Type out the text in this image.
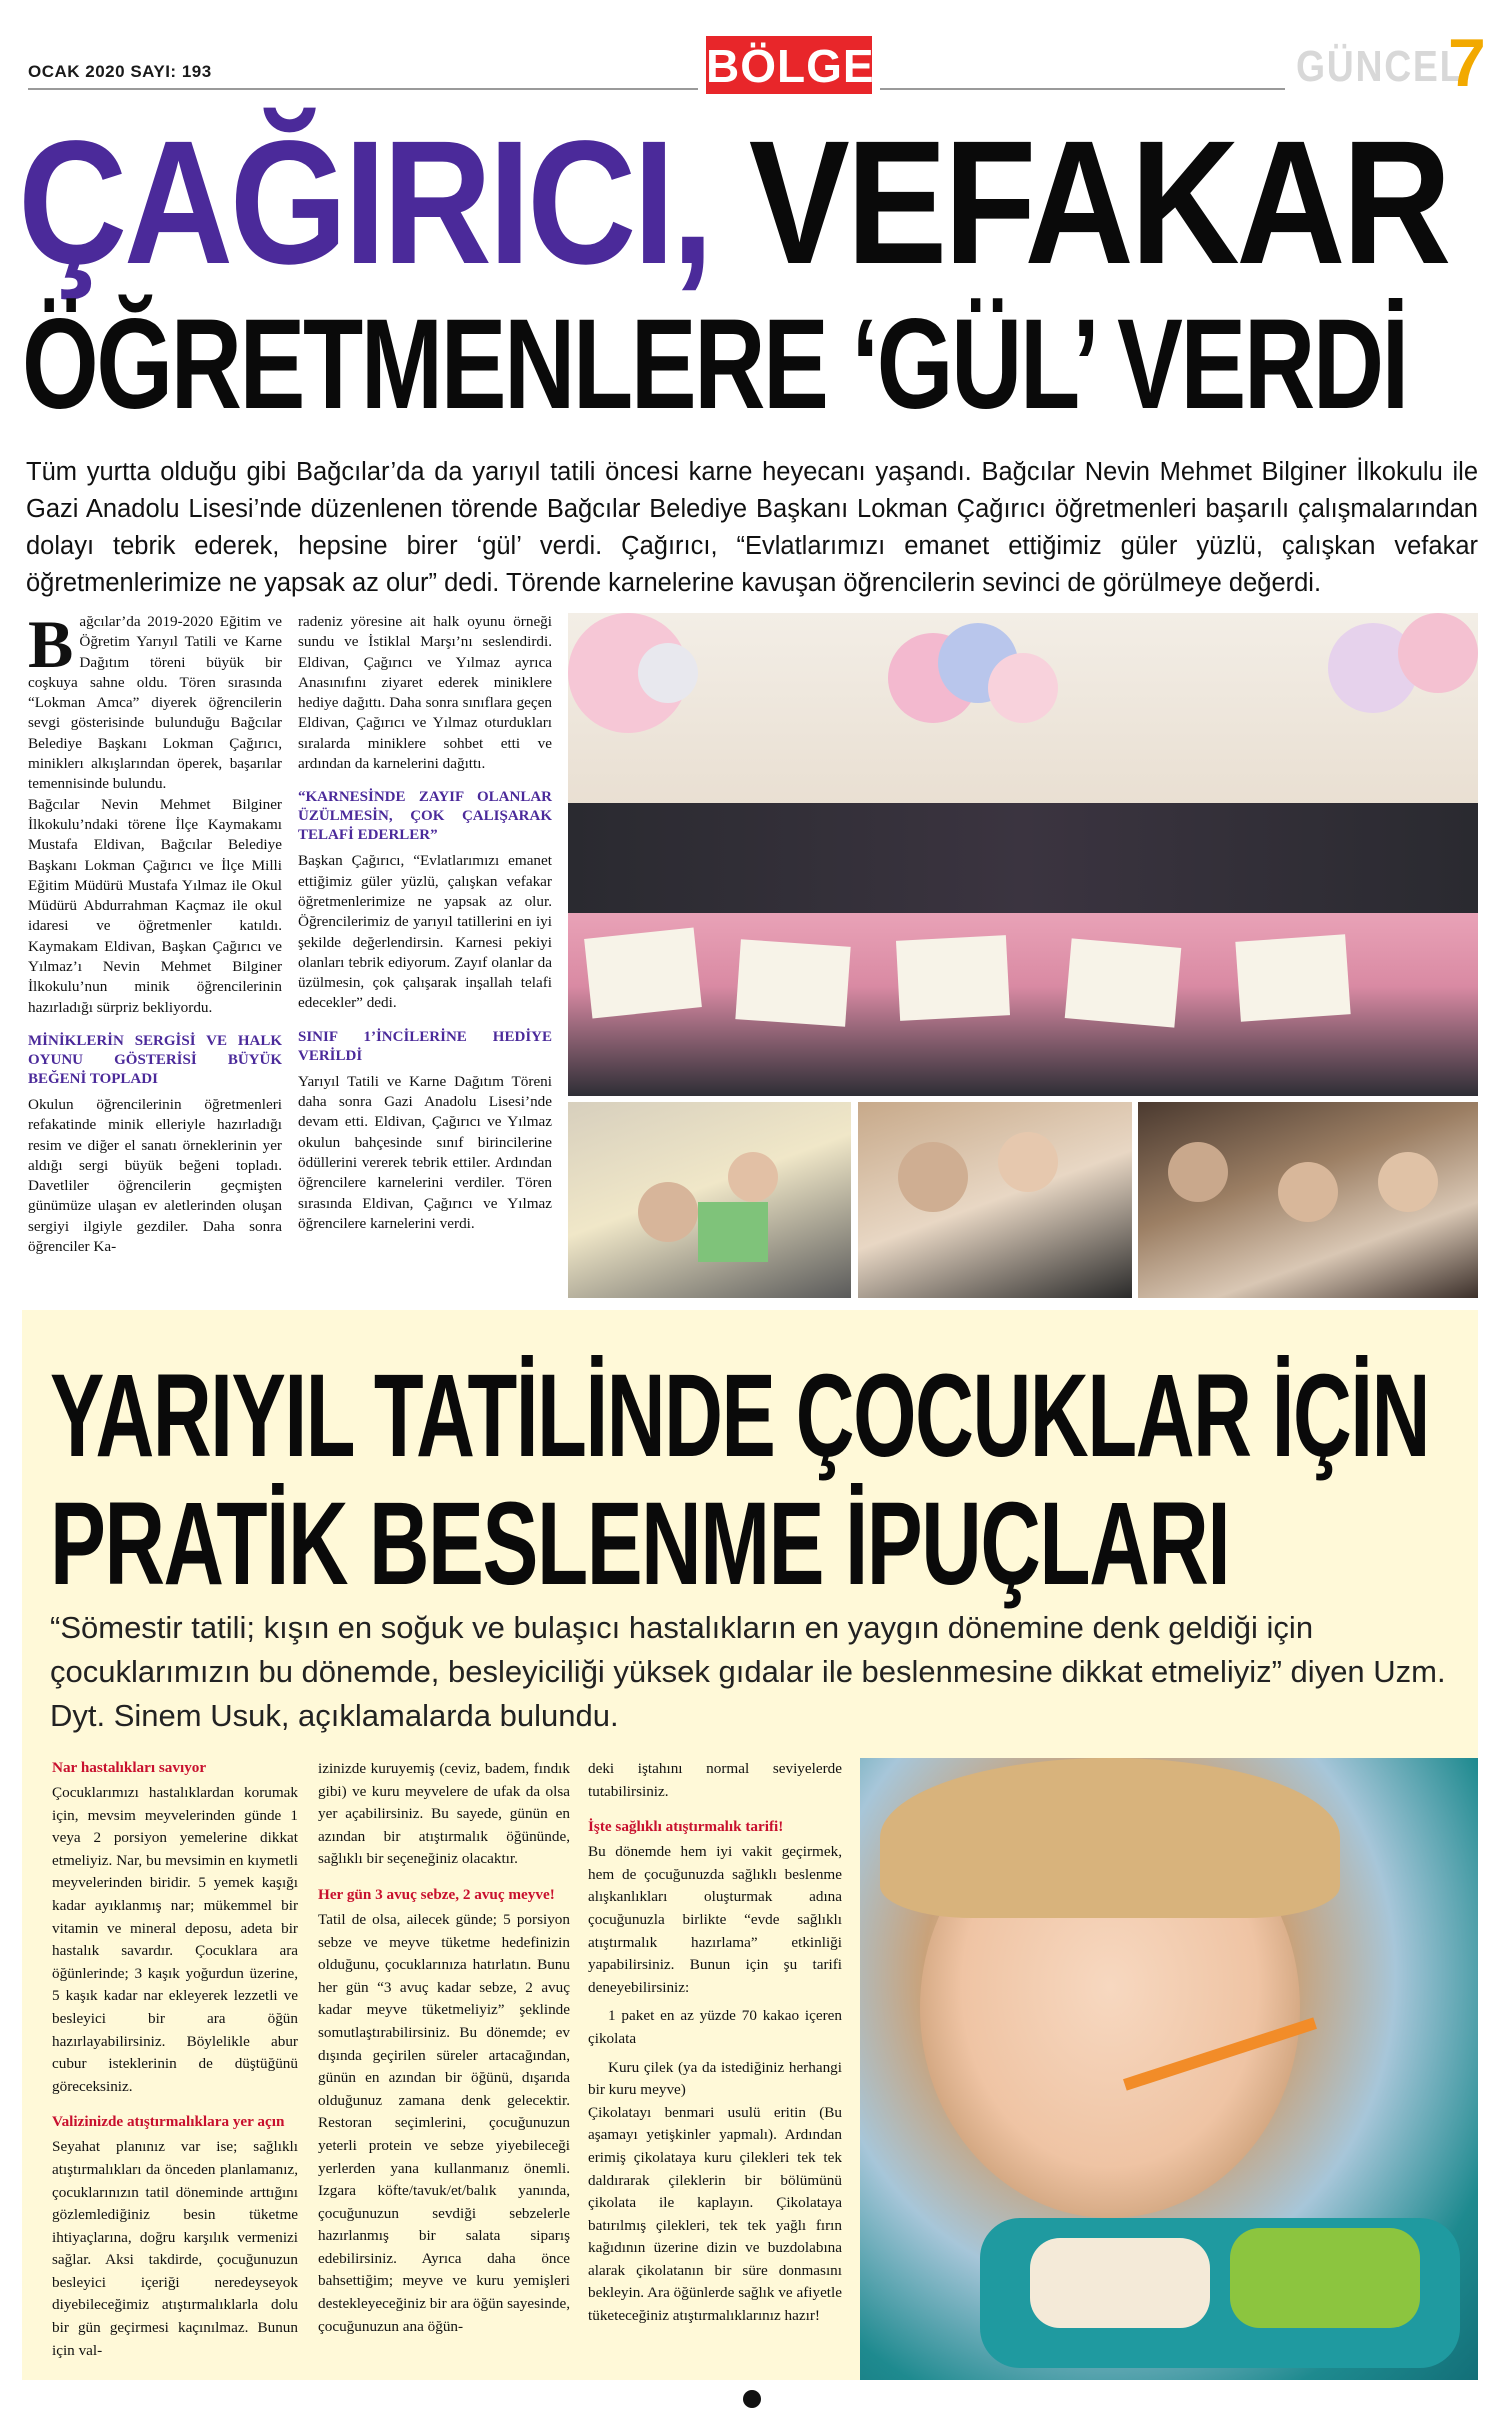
OCAK 2020 SAYI: 193	BÖLGE	GÜNCEL
7
ÇAĞIRICI, VEFAKAR
ÖĞRETMENLERE ‘GÜL’ VERDİ
Tüm yurtta olduğu gibi Bağcılar’da da yarıyıl tatili öncesi karne heyecanı yaşandı. Bağcılar Nevin Mehmet Bilginer İlkokulu ile Gazi Anadolu Lisesi’nde düzenlenen törende Bağcılar Belediye Başkanı Lokman Çağırıcı öğretmenleri başarılı çalışmalarından dolayı tebrik ederek, hepsine birer ‘gül’ verdi. Çağırıcı, “Evlatlarımızı emanet ettiğimiz güler yüzlü, çalışkan vefakar öğretmenlerimize ne yapsak az olur” dedi. Törende karnelerine kavuşan öğrencilerin sevinci de görülmeye değerdi.

Bağcılar’da 2019-2020 Eğitim ve Öğretim Yarıyıl Tatili ve Karne Dağıtım töreni büyük bir coşkuya sahne oldu. Tören sırasında “Lokman Amca” diyerek öğrencilerin sevgi gösterisinde bulunduğu Bağcılar Belediye Başkanı Lokman Çağırıcı, miniklerı alkışlarından öperek, başarılar temennisinde bulundu.

Bağcılar Nevin Mehmet Bilginer İlkokulu’ndaki törene İlçe Kaymakamı Mustafa Eldivan, Bağcılar Belediye Başkanı Lokman Çağırıcı ve İlçe Milli Eğitim Müdürü Mustafa Yılmaz ile Okul Müdürü Abdurrahman Kaçmaz ile okul idaresi ve öğretmenler katıldı. Kaymakam Eldivan, Başkan Çağırıcı ve Yılmaz’ı Nevin Mehmet Bilginer İlkokulu’nun minik öğrencilerinin hazırladığı sürpriz bekliyordu.

MİNİKLERİN SERGİSİ VE HALK OYUNU GÖSTERİSİ BÜYÜK BEĞENİ TOPLADI

Okulun öğrencilerinin öğretmenleri refakatinde minik elleriyle hazırladığı resim ve diğer el sanatı örneklerinin yer aldığı sergi büyük beğeni topladı. Davetliler öğrencilerin geçmişten günümüze ulaşan ev aletlerinden oluşan sergiyi ilgiyle gezdiler. Daha sonra öğrenciler Ka-

radeniz yöresine ait halk oyunu örneği sundu ve İstiklal Marşı’nı seslendirdi. Eldivan, Çağırıcı ve Yılmaz ayrıca Anasınıfını ziyaret ederek miniklere hediye dağıttı. Daha sonra sınıflara geçen Eldivan, Çağırıcı ve Yılmaz oturdukları sıralarda miniklere sohbet etti ve ardından da karnelerini dağıttı.

“KARNESİNDE ZAYIF OLANLAR ÜZÜLMESİN, ÇOK ÇALIŞARAK TELAFİ EDERLER”

Başkan Çağırıcı, “Evlatlarımızı emanet ettiğimiz güler yüzlü, çalışkan vefakar öğretmenlerimize ne yapsak az olur. Öğrencilerimiz de yarıyıl tatillerini en iyi şekilde değerlendirsin. Karnesi pekiyi olanları tebrik ediyorum. Zayıf olanlar da üzülmesin, çok çalışarak inşallah telafi edecekler” dedi.

SINIF 1’İNCİLERİNE HEDİYE VERİLDİ

Yarıyıl Tatili ve Karne Dağıtım Töreni daha sonra Gazi Anadolu Lisesi’nde devam etti. Eldivan, Çağırıcı ve Yılmaz okulun bahçesinde sınıf birincilerine ödüllerini vererek tebrik ettiler. Ardından öğrencilere karnelerini verdiler. Tören sırasında Eldivan, Çağırıcı ve Yılmaz öğrencilere karnelerini verdi.

YARIYIL TATİLİNDE ÇOCUKLAR İÇİN
PRATİK BESLENME İPUÇLARI
“Sömestir tatili; kışın en soğuk ve bulaşıcı hastalıkların en yaygın dönemine denk geldiği için çocuklarımızın bu dönemde, besleyiciliği yüksek gıdalar ile beslenmesine dikkat etmeliyiz” diyen Uzm. Dyt. Sinem Usuk, açıklamalarda bulundu.
Nar hastalıkları savıyor

Çocuklarımızı hastalıklardan korumak için, mevsim meyvelerinden günde 1 veya 2 porsiyon yemelerine dikkat etmeliyiz. Nar, bu mevsimin en kıymetli meyvelerinden biridir. 5 yemek kaşığı kadar ayıklanmış nar; mükemmel bir vitamin ve mineral deposu, adeta bir hastalık savardır. Çocuklara ara öğünlerinde; 3 kaşık yoğurdun üzerine, 5 kaşık kadar nar ekleyerek lezzetli ve besleyici bir ara öğün hazırlayabilirsiniz. Böylelikle abur cubur isteklerinin de düştüğünü göreceksiniz.

Valizinizde atıştırmalıklara yer açın

Seyahat planınız var ise; sağlıklı atıştırmalıkları da önceden planlamanız, çocuklarınızın tatil döneminde arttığını gözlemlediğiniz besin tüketme ihtiyaçlarına, doğru karşılık vermenizi sağlar. Aksi takdirde, çocuğunuzun besleyici içeriği neredeyseyok diyebileceğimiz atıştırmalıklarla dolu bir gün geçirmesi kaçınılmaz. Bunun için val-

izinizde kuruyemiş (ceviz, badem, fındık gibi) ve kuru meyvelere de ufak da olsa yer açabilirsiniz. Bu sayede, günün en azından bir atıştırmalık öğününde, sağlıklı bir seçeneğiniz olacaktır.

Her gün 3 avuç sebze, 2 avuç meyve!

Tatil de olsa, ailecek günde; 5 porsiyon sebze ve meyve tüketme hedefinizin olduğunu, çocuklarınıza hatırlatın. Bunu her gün “3 avuç kadar sebze, 2 avuç kadar meyve tüketmeliyiz” şeklinde somutlaştırabilirsiniz. Bu dönemde; ev dışında geçirilen süreler artacağından, günün en azından bir öğünü, dışarıda olduğunuz zamana denk gelecektir. Restoran seçimlerini, çocuğunuzun yeterli protein ve sebze yiyebileceği yerlerden yana kullanmanız önemli. Izgara köfte/tavuk/et/balık yanında, çocuğunuzun sevdiği sebzelerle hazırlanmış bir salata siparış edebilirsiniz. Ayrıca daha önce bahsettiğim; meyve ve kuru yemişleri destekleyeceğiniz bir ara öğün sayesinde, çocuğunuzun ana öğün-

deki iştahını normal seviyelerde tutabilirsiniz.

İşte sağlıklı atıştırmalık tarifi!

Bu dönemde hem iyi vakit geçirmek, hem de çocuğunuzda sağlıklı beslenme alışkanlıkları oluşturmak adına çocuğunuzla birlikte “evde sağlıklı atıştırmalık hazırlama” etkinliği yapabilirsiniz. Bunun için şu tarifi deneyebilirsiniz:

1 paket en az yüzde 70 kakao içeren çikolata

Kuru çilek (ya da istediğiniz herhangi bir kuru meyve)

Çikolatayı benmari usulü eritin (Bu aşamayı yetişkinler yapmalı). Ardından erimiş çikolataya kuru çilekleri tek tek daldırarak çileklerin bir bölümünü çikolata ile kaplayın. Çikolataya batırılmış çilekleri, tek tek yağlı fırın kağıdının üzerine dizin ve buzdolabına alarak çikolatanın bir süre donmasını bekleyin. Ara öğünlerde sağlık ve afiyetle tüketeceğiniz atıştırmalıklarınız hazır!
